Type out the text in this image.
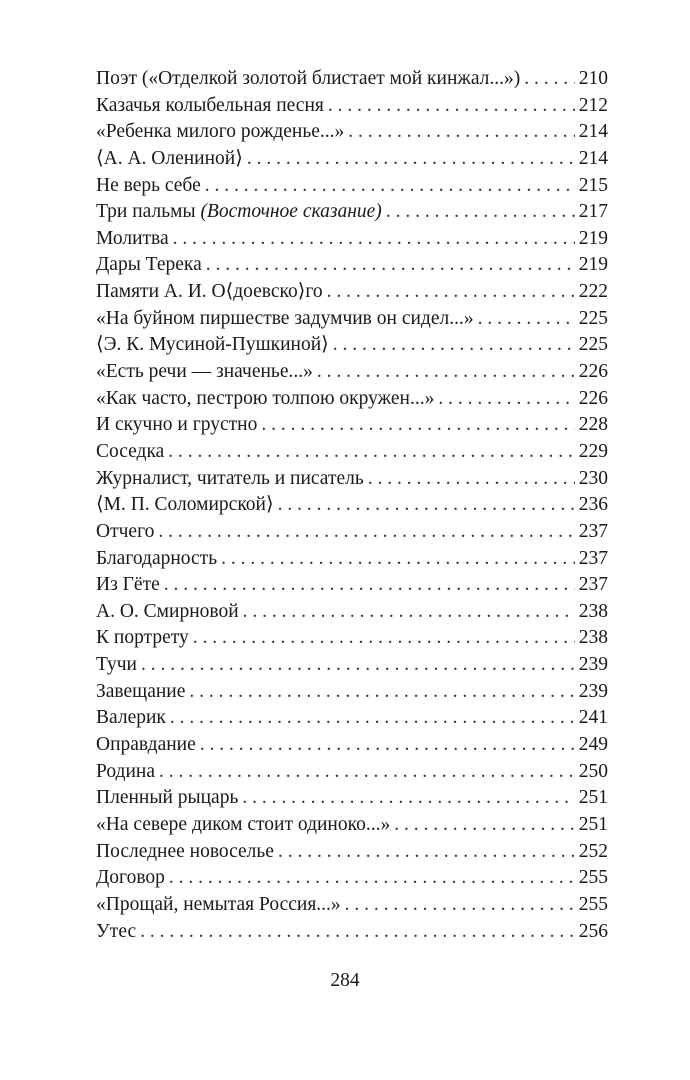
Поэт («Отделкой золотой блистает мой кинжал...») . . .	210
Казачья колыбельная песня . . .	212
«Ребенка милого рожденье...» . . .	214
⟨А. А. Олениной⟩ . . .	214
Не верь себе . . .	215
Три пальмы (Восточное сказание) . . .	217
Молитва . . .	219
Дары Терека . . .	219
Памяти А. И. О⟨доевско⟩го . . .	222
«На буйном пиршестве задумчив он сидел...» . . .	225
⟨Э. К. Мусиной-Пушкиной⟩ . . .	225
«Есть речи — значенье...» . . .	226
«Как часто, пестрою толпою окружен...» . . .	226
И скучно и грустно . . .	228
Соседка . . .	229
Журналист, читатель и писатель . . .	230
⟨М. П. Соломирской⟩ . . .	236
Отчего . . .	237
Благодарность . . .	237
Из Гёте . . .	237
А. О. Смирновой . . .	238
К портрету . . .	238
Тучи . . .	239
Завещание . . .	239
Валерик . . .	241
Оправдание . . .	249
Родина . . .	250
Пленный рыцарь . . .	251
«На севере диком стоит одиноко...» . . .	251
Последнее новоселье . . .	252
Договор . . .	255
«Прощай, немытая Россия...» . . .	255
Утес . . .	256
284
